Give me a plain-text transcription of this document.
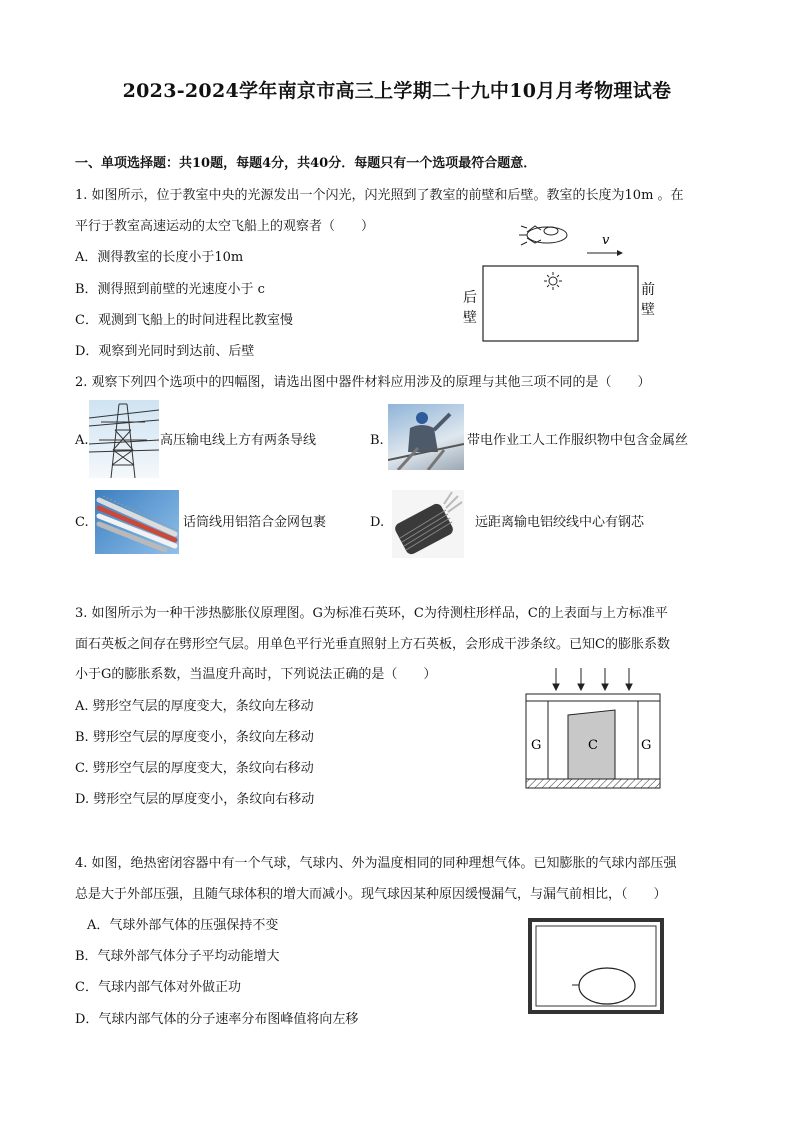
2023-2024学年南京市高三上学期二十九中10月月考物理试卷
一、单项选择题：共10题，每题4分，共40分．每题只有一个选项最符合题意．
1. 如图所示，位于教室中央的光源发出一个闪光，闪光照到了教室的前壁和后壁。教室的长度为10m 。在
平行于教室高速运动的太空飞船上的观察者（　　）
A．测得教室的长度小于10m
B．测得照到前壁的光速度小于 c
C．观测到飞船上的时间进程比教室慢
D．观察到光同时到达前、后壁
v
后
壁
前
壁
2. 观察下列四个选项中的四幅图，请选出图中器件材料应用涉及的原理与其他三项不同的是（　　）
A.	高压输电线上方有两条导线	B.	带电作业工人工作服织物中包含金属丝
C.	话筒线用铝箔合金网包裹	D.	远距离输电铝绞线中心有钢芯
3. 如图所示为一种干涉热膨胀仪原理图。G为标准石英环，C为待测柱形样品，C的上表面与上方标准平
面石英板之间存在劈形空气层。用单色平行光垂直照射上方石英板，会形成干涉条纹。已知C的膨胀系数
小于G的膨胀系数，当温度升高时，下列说法正确的是（　　）
A. 劈形空气层的厚度变大，条纹向左移动
B. 劈形空气层的厚度变小，条纹向左移动
C. 劈形空气层的厚度变大，条纹向右移动
D. 劈形空气层的厚度变小，条纹向右移动
G	C	G
4. 如图，绝热密闭容器中有一个气球，气球内、外为温度相同的同种理想气体。已知膨胀的气球内部压强
总是大于外部压强，且随气球体积的增大而减小。现气球因某种原因缓慢漏气，与漏气前相比，（　　）
A．气球外部气体的压强保持不变
B．气球外部气体分子平均动能增大
C．气球内部气体对外做正功
D．气球内部气体的分子速率分布图峰值将向左移
